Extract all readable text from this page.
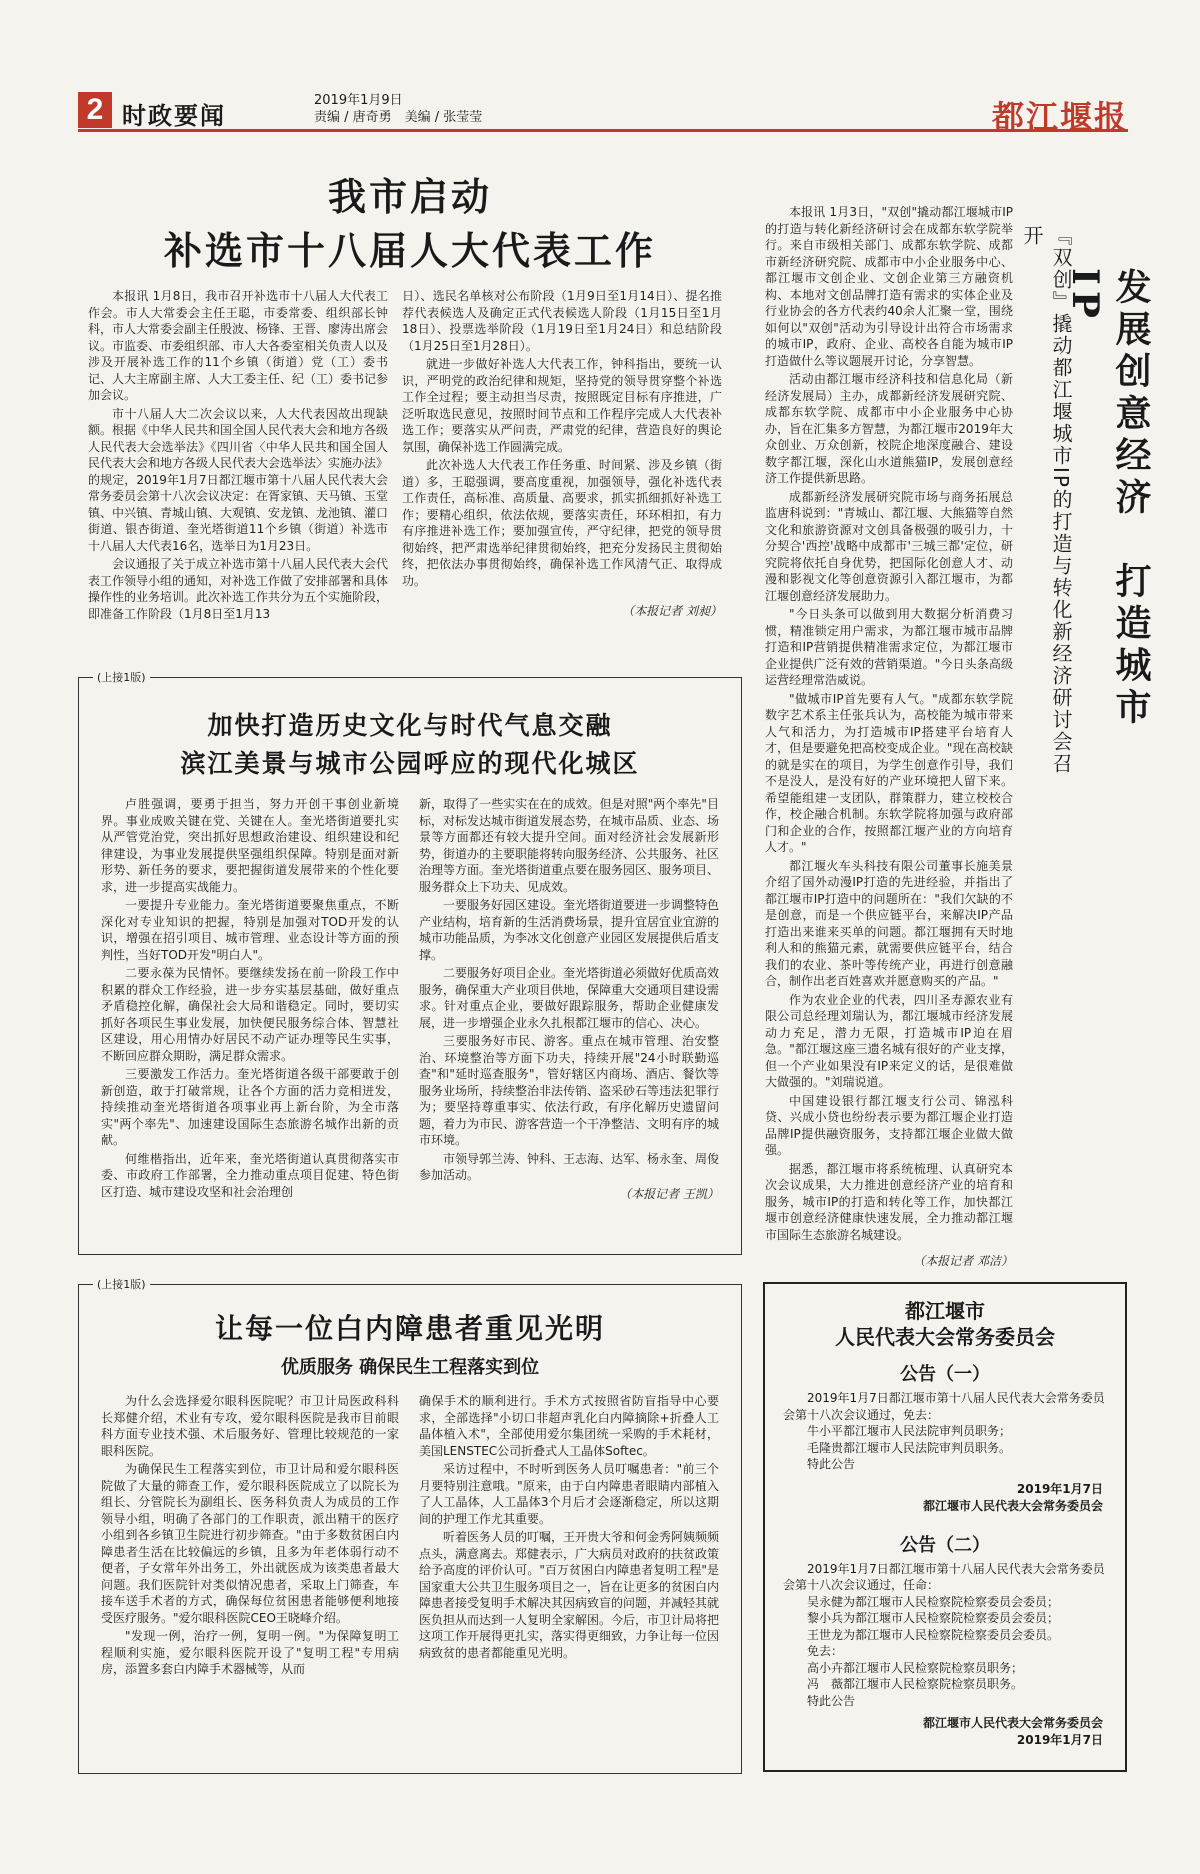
2 时政要闻
2019年1月9日
责编 / 唐奇勇　美编 / 张莹莹	都江堰报
我市启动
补选市十八届人大代表工作

本报讯 1月8日，我市召开补选市十八届人大代表工作会。市人大常委会主任王聪，市委常委、组织部长钟科，市人大常委会副主任殷波、杨锋、王晋、廖涛出席会议。市监委、市委组织部、市人大各委室相关负责人以及涉及开展补选工作的11个乡镇（街道）党（工）委书记、人大主席副主席、人大工委主任、纪（工）委书记参加会议。

市十八届人大二次会议以来，人大代表因故出现缺额。根据《中华人民共和国全国人民代表大会和地方各级人民代表大会选举法》《四川省〈中华人民共和国全国人民代表大会和地方各级人民代表大会选举法〉实施办法》的规定，2019年1月7日都江堰市第十八届人民代表大会常务委员会第十八次会议决定：在胥家镇、天马镇、玉堂镇、中兴镇、青城山镇、大观镇、安龙镇、龙池镇、灌口街道、银杏街道、奎光塔街道11个乡镇（街道）补选市十八届人大代表16名，选举日为1月23日。

会议通报了关于成立补选市第十八届人民代表大会代表工作领导小组的通知，对补选工作做了安排部署和具体操作性的业务培训。此次补选工作共分为五个实施阶段，即准备工作阶段（1月8日至1月13

日）、选民名单核对公布阶段（1月9日至1月14日）、提名推荐代表候选人及确定正式代表候选人阶段（1月15日至1月18日）、投票选举阶段（1月19日至1月24日）和总结阶段（1月25日至1月28日）。

就进一步做好补选人大代表工作，钟科指出，要统一认识，严明党的政治纪律和规矩，坚持党的领导贯穿整个补选工作全过程；要主动担当尽责，按照既定目标有序推进，广泛听取选民意见，按照时间节点和工作程序完成人大代表补选工作；要落实从严问责，严肃党的纪律，营造良好的舆论氛围，确保补选工作圆满完成。

此次补选人大代表工作任务重、时间紧、涉及乡镇（街道）多，王聪强调，要高度重视，加强领导，强化补选代表工作责任，高标准、高质量、高要求，抓实抓细抓好补选工作；要精心组织，依法依规，要落实责任，环环相扣，有力有序推进补选工作；要加强宣传，严守纪律，把党的领导贯彻始终，把严肃选举纪律贯彻始终，把充分发扬民主贯彻始终，把依法办事贯彻始终，确保补选工作风清气正、取得成功。

（本报记者 刘昶）
(上接1版)
加快打造历史文化与时代气息交融
滨江美景与城市公园呼应的现代化城区

卢胜强调，要勇于担当，努力开创干事创业新境界。事业成败关键在党、关键在人。奎光塔街道要扎实从严管党治党，突出抓好思想政治建设、组织建设和纪律建设，为事业发展提供坚强组织保障。特别是面对新形势、新任务的要求，要把握街道发展带来的个性化要求，进一步提高实战能力。

一要提升专业能力。奎光塔街道要聚焦重点，不断深化对专业知识的把握，特别是加强对TOD开发的认识，增强在招引项目、城市管理、业态设计等方面的预判性，当好TOD开发"明白人"。

二要永葆为民情怀。要继续发扬在前一阶段工作中积累的群众工作经验，进一步夯实基层基础，做好重点矛盾稳控化解，确保社会大局和谐稳定。同时，要切实抓好各项民生事业发展，加快便民服务综合体、智慧社区建设，用心用情办好居民不动产证办理等民生实事，不断回应群众期盼，满足群众需求。

三要激发工作活力。奎光塔街道各级干部要敢于创新创造，敢于打破常规，让各个方面的活力竞相迸发，持续推动奎光塔街道各项事业再上新台阶，为全市落实"两个率先"、加速建设国际生态旅游名城作出新的贡献。

何维楷指出，近年来，奎光塔街道认真贯彻落实市委、市政府工作部署，全力推动重点项目促建、特色街区打造、城市建设攻坚和社会治理创

新，取得了一些实实在在的成效。但是对照"两个率先"目标，对标发达城市街道发展态势，在城市品质、业态、场景等方面都还有较大提升空间。面对经济社会发展新形势，街道办的主要职能将转向服务经济、公共服务、社区治理等方面。奎光塔街道重点要在服务园区、服务项目、服务群众上下功夫、见成效。

一要服务好园区建设。奎光塔街道要进一步调整特色产业结构，培育新的生活消费场景，提升宜居宜业宜游的城市功能品质，为李冰文化创意产业园区发展提供后盾支撑。

二要服务好项目企业。奎光塔街道必须做好优质高效服务，确保重大产业项目供地，保障重大交通项目建设需求。针对重点企业，要做好跟踪服务，帮助企业健康发展，进一步增强企业永久扎根都江堰市的信心、决心。

三要服务好市民、游客。重点在城市管理、治安整治、环境整治等方面下功夫，持续开展"24小时联勤巡查"和"延时巡查服务"，管好辖区内商场、酒店、餐饮等服务业场所，持续整治非法传销、盗采砂石等违法犯罪行为；要坚持尊重事实、依法行政，有序化解历史遗留问题，着力为市民、游客营造一个干净整洁、文明有序的城市环境。

市领导郭兰涛、钟科、王志海、达军、杨永奎、周俊参加活动。

（本报记者 王凯）
(上接1版)
让每一位白内障患者重见光明
优质服务 确保民生工程落实到位

为什么会选择爱尔眼科医院呢？市卫计局医政科科长郑健介绍，术业有专攻，爱尔眼科医院是我市目前眼科方面专业技术强、术后服务好、管理比较规范的一家眼科医院。

为确保民生工程落实到位，市卫计局和爱尔眼科医院做了大量的筛查工作，爱尔眼科医院成立了以院长为组长、分管院长为副组长、医务科负责人为成员的工作领导小组，明确了各部门的工作职责，派出精干的医疗小组到各乡镇卫生院进行初步筛查。"由于多数贫困白内障患者生活在比较偏远的乡镇，且多为年老体弱行动不便者，子女常年外出务工，外出就医成为该类患者最大问题。我们医院针对类似情况患者，采取上门筛查，车接车送手术者的方式，确保每位贫困患者能够便利地接受医疗服务。"爱尔眼科医院CEO王晓峰介绍。

"发现一例，治疗一例，复明一例。"为保障复明工程顺利实施，爱尔眼科医院开设了"复明工程"专用病房，添置多套白内障手术器械等，从而

确保手术的顺利进行。手术方式按照省防盲指导中心要求，全部选择"小切口非超声乳化白内障摘除+折叠人工晶体植入术"，全部使用爱尔集团统一采购的手术耗材，美国LENSTEC公司折叠式人工晶体Softec。

采访过程中，不时听到医务人员叮嘱患者："前三个月要特别注意哦。"原来，由于白内障患者眼睛内部植入了人工晶体，人工晶体3个月后才会逐渐稳定，所以这期间的护理工作尤其重要。

听着医务人员的叮嘱，王开贵大爷和何金秀阿姨频频点头，满意离去。郑健表示，广大病员对政府的扶贫政策给予高度的评价认可。"百万贫困白内障患者复明工程"是国家重大公共卫生服务项目之一，旨在让更多的贫困白内障患者接受复明手术解决其因病致盲的问题，并减轻其就医负担从而达到一人复明全家解困。今后，市卫计局将把这项工作开展得更扎实，落实得更细致，力争让每一位因病致贫的患者都能重见光明。

本报讯 1月3日，"双创"撬动都江堰城市IP的打造与转化新经济研讨会在成都东软学院举行。来自市级相关部门、成都东软学院、成都市新经济研究院、成都市中小企业服务中心、都江堰市文创企业、文创企业第三方融资机构、本地对文创品牌打造有需求的实体企业及行业协会的各方代表约40余人汇聚一堂，围绕如何以"双创"活动为引导设计出符合市场需求的城市IP，政府、企业、高校各自能为城市IP打造做什么等议题展开讨论，分享智慧。

活动由都江堰市经济科技和信息化局（新经济发展局）主办，成都新经济发展研究院、成都东软学院、成都市中小企业服务中心协办，旨在汇集多方智慧，为都江堰市2019年大众创业、万众创新，校院企地深度融合、建设数字都江堰，深化山水道熊猫IP，发展创意经济工作提供新思路。

成都新经济发展研究院市场与商务拓展总监唐科说到："青城山、都江堰、大熊猫等自然文化和旅游资源对文创具备极强的吸引力，十分契合'西控'战略中成都市'三城三都'定位，研究院将依托自身优势，把国际化创意人才、动漫和影视文化等创意资源引入都江堰市，为都江堰创意经济发展助力。

"今日头条可以做到用大数据分析消费习惯，精准锁定用户需求，为都江堰市城市品牌打造和IP营销提供精准需求定位，为都江堰市企业提供广泛有效的营销渠道。"今日头条高级运营经理常浩威说。

"做城市IP首先要有人气。"成都东软学院数字艺术系主任张兵认为，高校能为城市带来人气和活力，为打造城市IP搭建平台培育人才，但是要避免把高校变成企业。"现在高校缺的就是实在的项目，为学生创意作引导，我们不是没人，是没有好的产业环境把人留下来。希望能组建一支团队，群策群力，建立校校合作，校企融合机制。东软学院将加强与政府部门和企业的合作，按照都江堰产业的方向培育人才。"

都江堰火车头科技有限公司董事长施美景介绍了国外动漫IP打造的先进经验，并指出了都江堰市IP打造中的问题所在："我们欠缺的不是创意，而是一个供应链平台，来解决IP产品打造出来谁来买单的问题。都江堰拥有天时地利人和的熊猫元素，就需要供应链平台，结合我们的农业、茶叶等传统产业，再进行创意融合，制作出老百姓喜欢并愿意购买的产品。"

作为农业企业的代表，四川圣寿源农业有限公司总经理刘瑞认为，都江堰城市经济发展动力充足，潜力无限，打造城市IP迫在眉急。"都江堰这座三遗名城有很好的产业支撑，但一个产业如果没有IP来定义的话，是很难做大做强的。"刘瑞说道。

中国建设银行都江堰支行公司、锦泓科贷、兴成小贷也纷纷表示要为都江堰企业打造品牌IP提供融资服务，支持都江堰企业做大做强。

据悉，都江堰市将系统梳理、认真研究本次会议成果，大力推进创意经济产业的培育和服务，城市IP的打造和转化等工作，加快都江堰市创意经济健康快速发展，全力推动都江堰市国际生态旅游名城建设。

（本报记者 邓洁）
发展创意经济　打造城市IP
『双创』撬动都江堰城市IP的打造与转化新经济研讨会召开
都江堰市
人民代表大会常务委员会
公告（一）

2019年1月7日都江堰市第十八届人民代表大会常务委员会第十八次会议通过，免去：

牛小平都江堰市人民法院审判员职务；
毛隆贵都江堰市人民法院审判员职务。
特此公告
2019年1月7日
都江堰市人民代表大会常务委员会
公告（二）

2019年1月7日都江堰市第十八届人民代表大会常务委员会第十八次会议通过，任命：

吴永健为都江堰市人民检察院检察委员会委员；
黎小兵为都江堰市人民检察院检察委员会委员；
王世龙为都江堰市人民检察院检察委员会委员。
免去：
高小卉都江堰市人民检察院检察员职务；
冯　薇都江堰市人民检察院检察员职务。
特此公告
都江堰市人民代表大会常务委员会
2019年1月7日
